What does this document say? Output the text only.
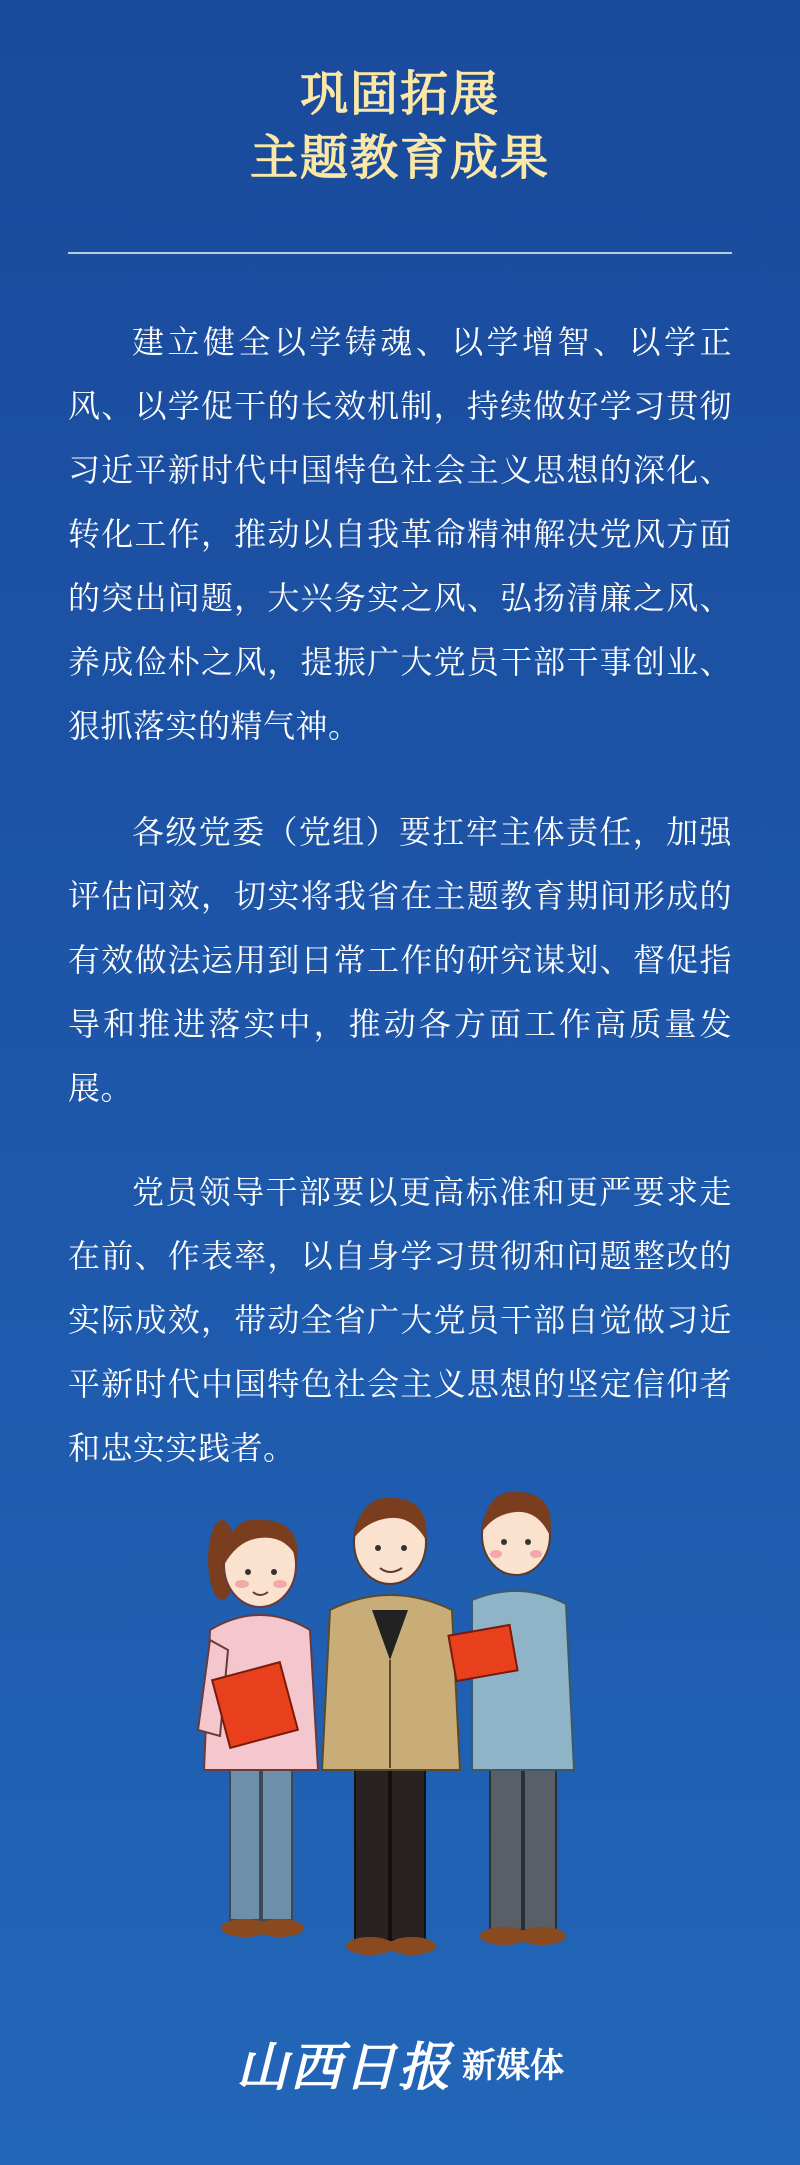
巩固拓展
主题教育成果
建立健全以学铸魂、以学增智、以学正风、以学促干的长效机制，持续做好学习贯彻习近平新时代中国特色社会主义思想的深化、转化工作，推动以自我革命精神解决党风方面的突出问题，大兴务实之风、弘扬清廉之风、养成俭朴之风，提振广大党员干部干事创业、狠抓落实的精气神。
各级党委（党组）要扛牢主体责任，加强评估问效，切实将我省在主题教育期间形成的有效做法运用到日常工作的研究谋划、督促指导和推进落实中，推动各方面工作高质量发展。
党员领导干部要以更高标准和更严要求走在前、作表率，以自身学习贯彻和问题整改的实际成效，带动全省广大党员干部自觉做习近平新时代中国特色社会主义思想的坚定信仰者和忠实实践者。
山西日报 新媒体
